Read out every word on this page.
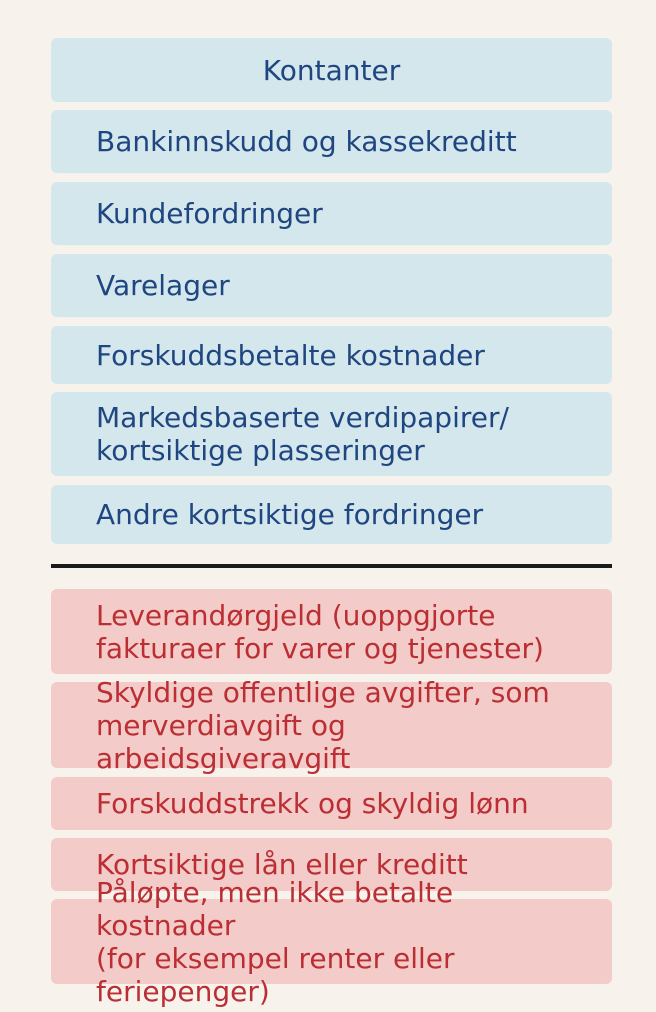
Kontanter
Bankinnskudd og kassekreditt
Kundefordringer
Varelager
Forskuddsbetalte kostnader
Markedsbaserte verdipapirer/
kortsiktige plasseringer
Andre kortsiktige fordringer
Leverandørgjeld (uoppgjorte
fakturaer for varer og tjenester)
Skyldige offentlige avgifter, som
merverdiavgift og arbeidsgiveravgift
Forskuddstrekk og skyldig lønn
Kortsiktige lån eller kreditt
Påløpte, men ikke betalte kostnader
(for eksempel renter eller feriepenger)
